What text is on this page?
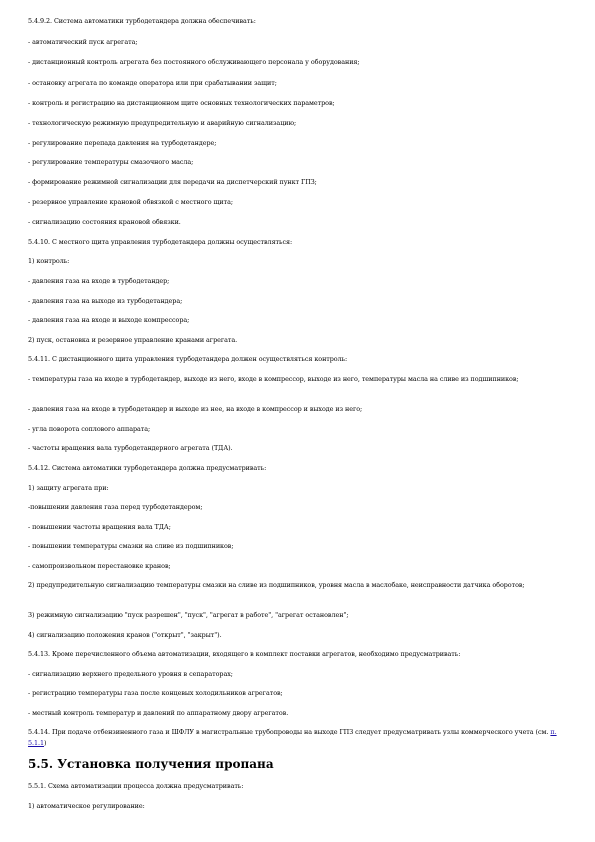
5.4.9.2. Система автоматики турбодетандера должна обеспечивать:
- автоматический пуск агрегата;
- дистанционный контроль агрегата без постоянного обслуживающего персонала у оборудования;
- остановку агрегата по команде оператора или при срабатывании защит;
- контроль и регистрацию на дистанционном щите основных технологических параметров;
- технологическую режимную предупредительную и аварийную сигнализацию;
- регулирование перепада давления на турбодетандере;
- регулирование температуры смазочного масла;
- формирование режимной сигнализации для передачи на диспетчерский пункт ГПЗ;
- резервное управление крановой обвязкой с местного щита;
- сигнализацию состояния крановой обвязки.
5.4.10. С местного щита управления турбодетандера должны осуществляться:
1) контроль:
- давления газа на входе в турбодетандер;
- давления газа на выходе из турбодетандера;
- давления газа на входе и выходе компрессора;
2) пуск, остановка и резервное управление кранами агрегата.
5.4.11. С дистанционного щита управления турбодетандера должен осуществляться контроль:
- температуры газа на входе в турбодетандер, выходе из него, входе в компрессор, выходе из него, температуры масла на сливе из подшипников;
- давления газа на входе в турбодетандер и выходе из нее, на входе в компрессор и выходе из него;
- угла поворота соплового аппарата;
- частоты вращения вала турбодетандерного агрегата (ТДА).
5.4.12. Система автоматики турбодетандера должна предусматривать:
1) защиту агрегата при:
-повышении давления газа перед турбодетандером;
- повышении частоты вращения вала ТДА;
- повышении температуры смазки на сливе из подшипников;
- самопроизвольном перестановке кранов;
2) предупредительную сигнализацию температуры смазки на сливе из подшипников, уровня масла в маслобаке, неисправности датчика оборотов;
3) режимную сигнализацию "пуск разрешен", "пуск", "агрегат в работе", "агрегат остановлен";
4) сигнализацию положения кранов ("открыт", "закрыт").
5.4.13. Кроме перечисленного объема автоматизации, входящего в комплект поставки агрегатов, необходимо предусматривать:
- сигнализацию верхнего предельного уровня в сепараторах;
- регистрацию температуры газа после концевых холодильников агрегатов;
- местный контроль температур и давлений по аппаратному двору агрегатов.
5.4.14. При подаче отбензиненного газа и ШФЛУ в магистральные трубопроводы на выходе ГПЗ следует предусматривать узлы коммерческого учета (см. п. 5.1.1)
5.5. Установка получения пропана
5.5.1. Схема автоматизации процесса должна предусматривать:
1) автоматическое регулирование:
